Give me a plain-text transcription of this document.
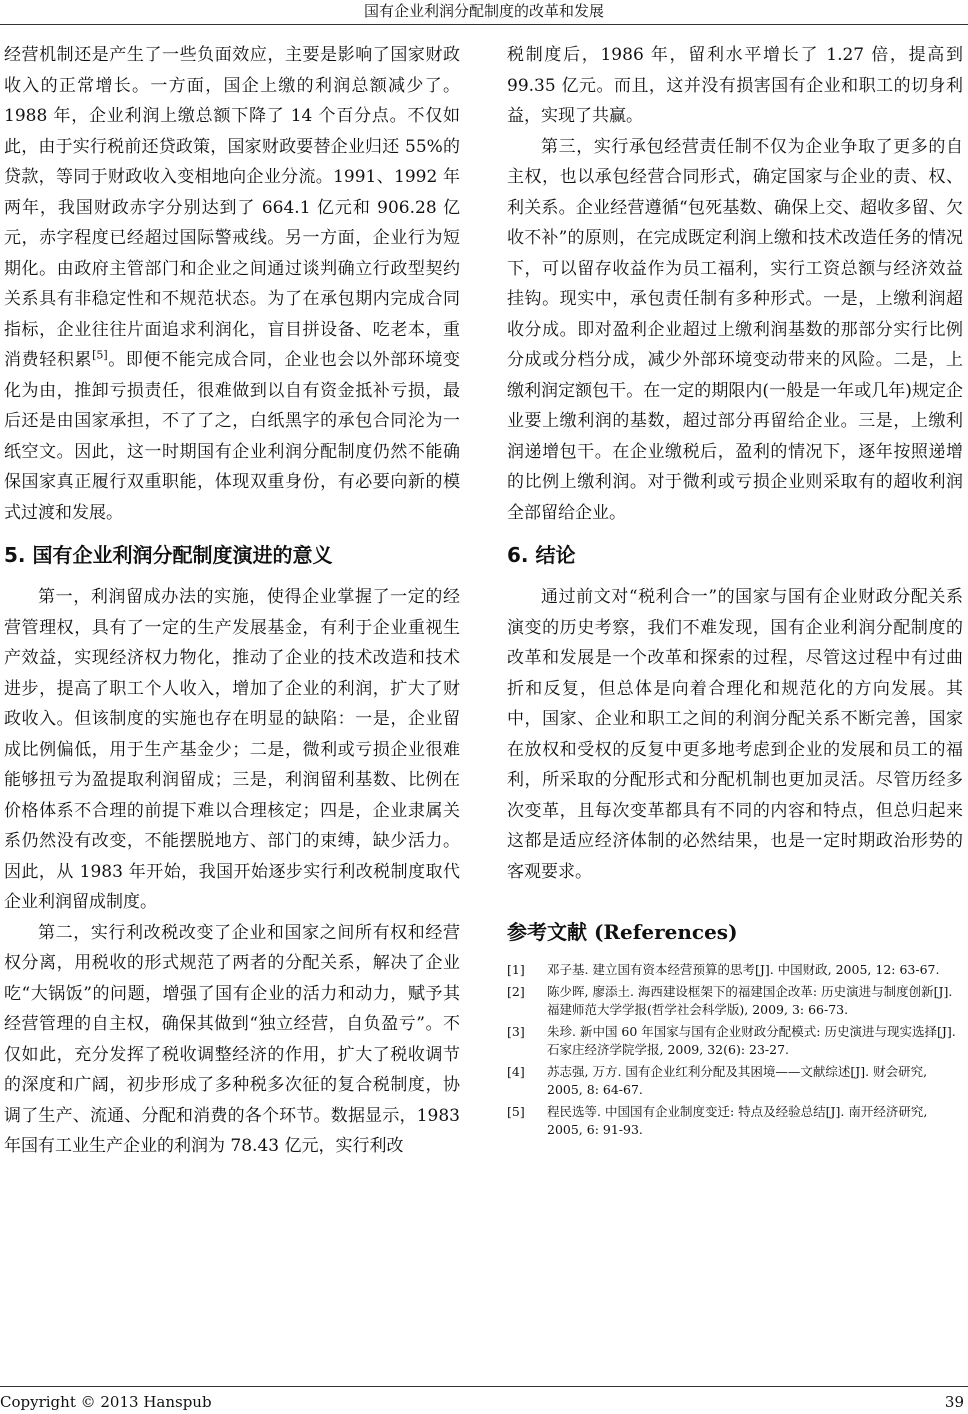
国有企业利润分配制度的改革和发展

经营机制还是产生了一些负面效应，主要是影响了国家财政收入的正常增长。一方面，国企上缴的利润总额减少了。1988 年，企业利润上缴总额下降了 14 个百分点。不仅如此，由于实行税前还贷政策，国家财政要替企业归还 55%的贷款，等同于财政收入变相地向企业分流。1991、1992 年两年，我国财政赤字分别达到了 664.1 亿元和 906.28 亿元，赤字程度已经超过国际警戒线。另一方面，企业行为短期化。由政府主管部门和企业之间通过谈判确立行政型契约关系具有非稳定性和不规范状态。为了在承包期内完成合同指标，企业往往片面追求利润化，盲目拼设备、吃老本，重消费轻积累[5]。即便不能完成合同，企业也会以外部环境变化为由，推卸亏损责任，很难做到以自有资金抵补亏损，最后还是由国家承担，不了了之，白纸黑字的承包合同沦为一纸空文。因此，这一时期国有企业利润分配制度仍然不能确保国家真正履行双重职能，体现双重身份，有必要向新的模式过渡和发展。

5. 国有企业利润分配制度演进的意义

第一，利润留成办法的实施，使得企业掌握了一定的经营管理权，具有了一定的生产发展基金，有利于企业重视生产效益，实现经济权力物化，推动了企业的技术改造和技术进步，提高了职工个人收入，增加了企业的利润，扩大了财政收入。但该制度的实施也存在明显的缺陷：一是，企业留成比例偏低，用于生产基金少；二是，微利或亏损企业很难能够扭亏为盈提取利润留成；三是，利润留利基数、比例在价格体系不合理的前提下难以合理核定；四是，企业隶属关系仍然没有改变，不能摆脱地方、部门的束缚，缺少活力。因此，从 1983 年开始，我国开始逐步实行利改税制度取代企业利润留成制度。

第二，实行利改税改变了企业和国家之间所有权和经营权分离，用税收的形式规范了两者的分配关系，解决了企业吃“大锅饭”的问题，增强了国有企业的活力和动力，赋予其经营管理的自主权，确保其做到“独立经营，自负盈亏”。不仅如此，充分发挥了税收调整经济的作用，扩大了税收调节的深度和广阔，初步形成了多种税多次征的复合税制度，协调了生产、流通、分配和消费的各个环节。数据显示，1983 年国有工业生产企业的利润为 78.43 亿元，实行利改

税制度后，1986 年，留利水平增长了 1.27 倍，提高到 99.35 亿元。而且，这并没有损害国有企业和职工的切身利益，实现了共赢。

第三，实行承包经营责任制不仅为企业争取了更多的自主权，也以承包经营合同形式，确定国家与企业的责、权、利关系。企业经营遵循“包死基数、确保上交、超收多留、欠收不补”的原则，在完成既定利润上缴和技术改造任务的情况下，可以留存收益作为员工福利，实行工资总额与经济效益挂钩。现实中，承包责任制有多种形式。一是，上缴利润超收分成。即对盈利企业超过上缴利润基数的那部分实行比例分成或分档分成，减少外部环境变动带来的风险。二是，上缴利润定额包干。在一定的期限内(一般是一年或几年)规定企业要上缴利润的基数，超过部分再留给企业。三是，上缴利润递增包干。在企业缴税后，盈利的情况下，逐年按照递增的比例上缴利润。对于微利或亏损企业则采取有的超收利润全部留给企业。

6. 结论

通过前文对“税利合一”的国家与国有企业财政分配关系演变的历史考察，我们不难发现，国有企业利润分配制度的改革和发展是一个改革和探索的过程，尽管这过程中有过曲折和反复，但总体是向着合理化和规范化的方向发展。其中，国家、企业和职工之间的利润分配关系不断完善，国家在放权和受权的反复中更多地考虑到企业的发展和员工的福利，所采取的分配形式和分配机制也更加灵活。尽管历经多次变革，且每次变革都具有不同的内容和特点，但总归起来这都是适应经济体制的必然结果，也是一定时期政治形势的客观要求。

参考文献 (References)
[1] 邓子基. 建立国有资本经营预算的思考[J]. 中国财政, 2005, 12: 63-67.
[2] 陈少晖, 廖添土. 海西建设框架下的福建国企改革: 历史演进与制度创新[J]. 福建师范大学学报(哲学社会科学版), 2009, 3: 66-73.
[3] 朱珍. 新中国 60 年国家与国有企业财政分配模式: 历史演进与现实选择[J]. 石家庄经济学院学报, 2009, 32(6): 23-27.
[4] 苏志强, 万方. 国有企业红利分配及其困境——文献综述[J]. 财会研究, 2005, 8: 64-67.
[5] 程民选等. 中国国有企业制度变迁: 特点及经验总结[J]. 南开经济研究, 2005, 6: 91-93.
Copyright © 2013 Hanspub	39
